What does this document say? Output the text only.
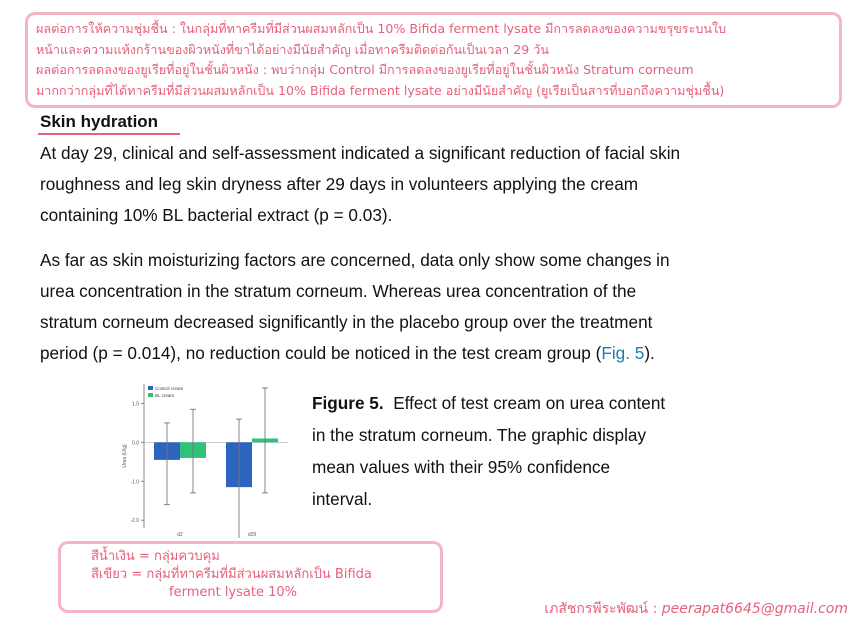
ผลต่อการให้ความชุ่มชื้น : ในกลุ่มที่ทาครีมที่มีส่วนผสมหลักเป็น 10% Bifida ferment lysate มีการลดลงของความขรุขระบนใบ
หน้าและความแห้งกร้านของผิวหนังที่ขาได้อย่างมีนัยสำคัญ เมื่อทาครีมติดต่อกันเป็นเวลา 29 วัน
ผลต่อการลดลงของยูเรียที่อยู่ในชั้นผิวหนัง : พบว่ากลุ่ม Control มีการลดลงของยูเรียที่อยู่ในชั้นผิวหนัง Stratum corneum
มากกว่ากลุ่มที่ได้ทาครีมที่มีส่วนผสมหลักเป็น 10% Bifida ferment lysate อย่างมีนัยสำคัญ (ยูเรียเป็นสารที่บอกถึงความชุ่มชื้น)
Skin hydration
At day 29, clinical and self-assessment indicated a significant reduction of facial skin
roughness and leg skin dryness after 29 days in volunteers applying the cream
containing 10% BL bacterial extract (p = 0.03).
As far as skin moisturizing factors are concerned, data only show some changes in
urea concentration in the stratum corneum. Whereas urea concentration of the
stratum corneum decreased significantly in the placebo group over the treatment
period (p = 0.014), no reduction could be noticed in the test cream group (Fig. 5).
1.0
0.0
-1.0
-2.0
Urea (U/g)
d2	d29
Control cream
BL cream	Figure 5. Effect of test cream on urea content
in the stratum corneum. The graphic display
mean values with their 95% confidence
interval.
สีน้ำเงิน = กลุ่มควบคุม
สีเขียว = กลุ่มที่ทาครีมที่มีส่วนผสมหลักเป็น Bifida
ferment lysate 10%
เภสัชกรพีระพัฒน์ : peerapat6645@gmail.com
